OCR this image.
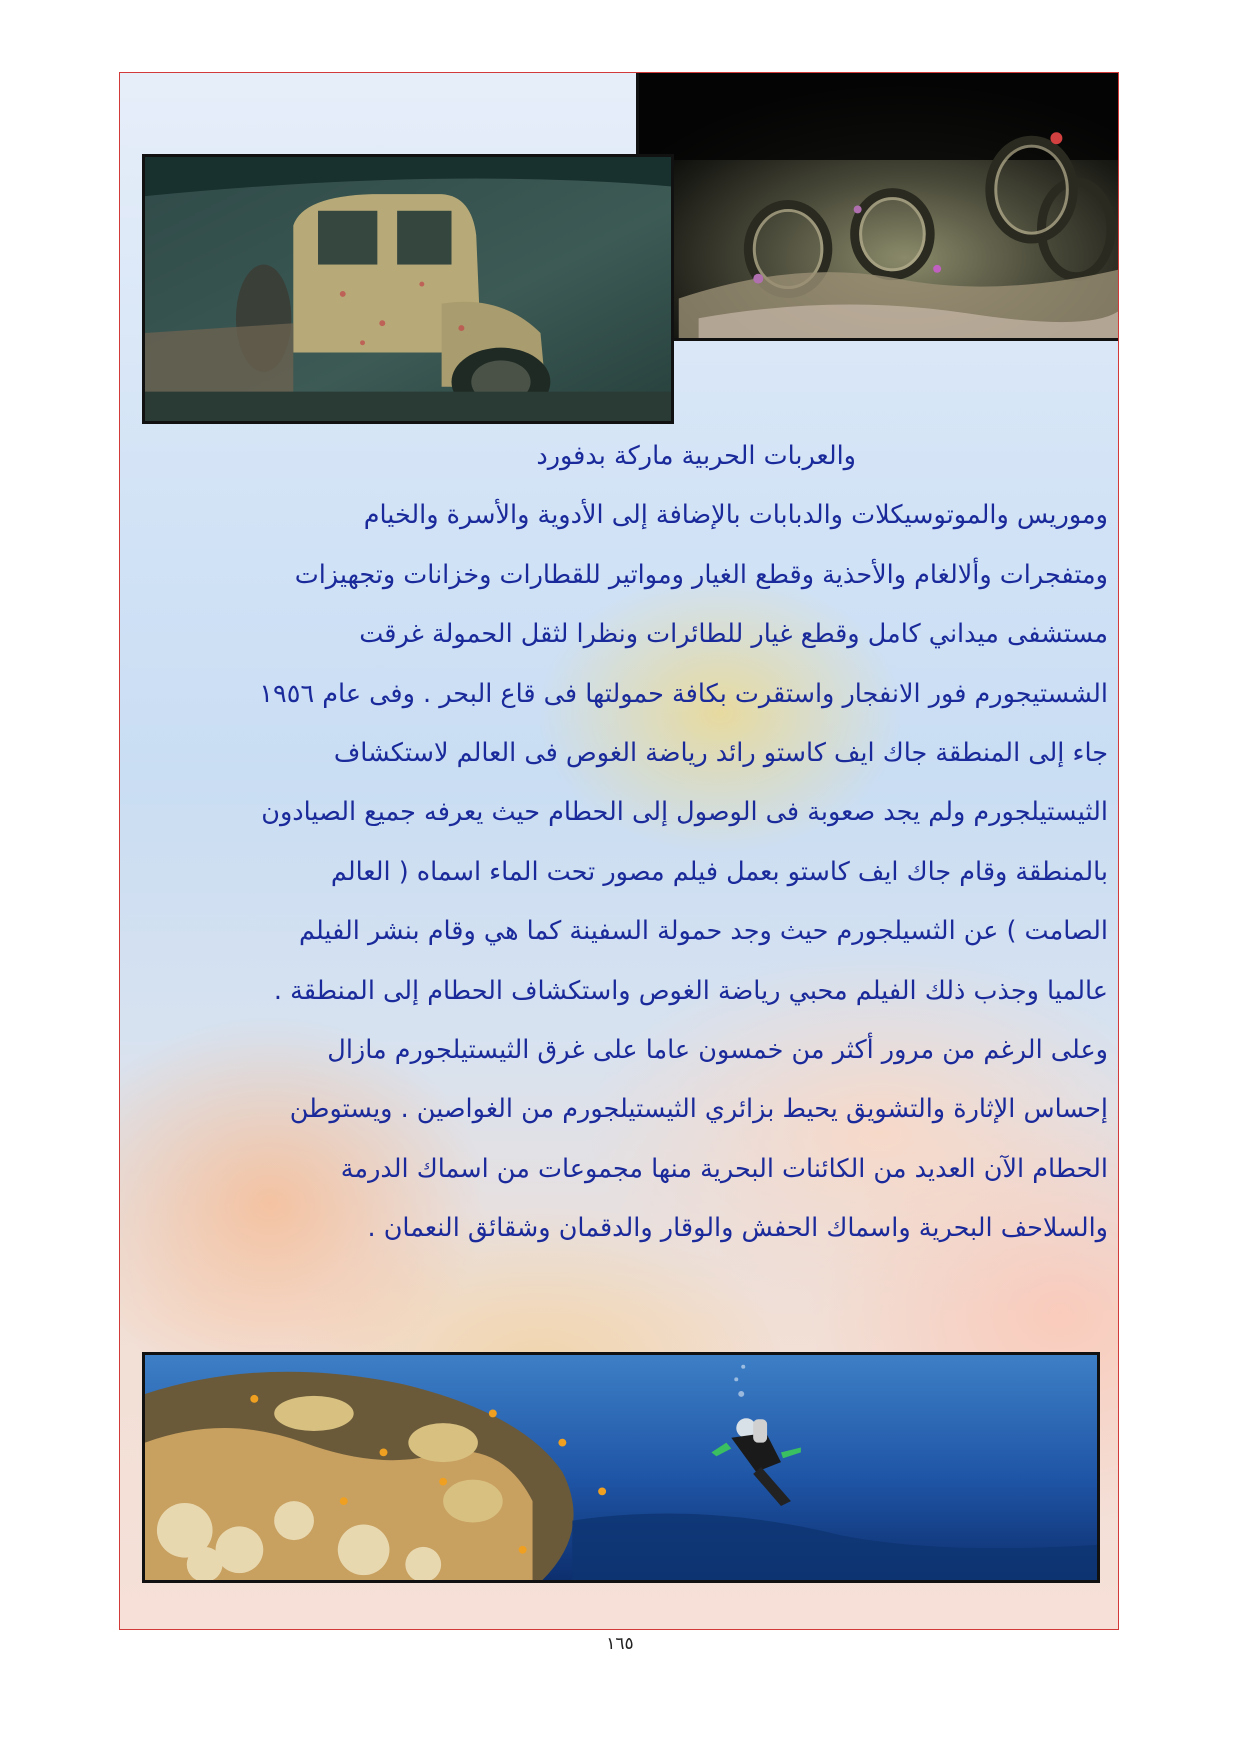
والعربات الحربية ماركة بدفورد

وموريس والموتوسيكلات والدبابات بالإضافة إلى الأدوية والأسرة والخيام

ومتفجرات وألالغام والأحذية وقطع الغيار ومواتير للقطارات وخزانات وتجهيزات

مستشفى ميداني كامل وقطع غيار للطائرات ونظرا لثقل الحمولة غرقت

الشستيجورم فور الانفجار واستقرت بكافة حمولتها فى قاع البحر . وفى عام ١٩٥٦

جاء إلى المنطقة جاك ايف كاستو رائد رياضة الغوص فى العالم لاستكشاف

الثيستيلجورم ولم يجد صعوبة فى الوصول إلى الحطام حيث يعرفه جميع الصيادون

بالمنطقة وقام جاك ايف كاستو بعمل فيلم مصور تحت الماء اسماه ( العالم

الصامت ) عن الثسيلجورم حيث وجد حمولة السفينة كما هي وقام بنشر الفيلم

عالميا وجذب ذلك الفيلم محبي رياضة الغوص واستكشاف الحطام إلى المنطقة .

وعلى الرغم من مرور أكثر من خمسون عاما على غرق الثيستيلجورم مازال

إحساس الإثارة والتشويق يحيط بزائري الثيستيلجورم من الغواصين . ويستوطن

الحطام الآن العديد من الكائنات البحرية منها مجموعات من اسماك الدرمة

والسلاحف البحرية واسماك الحفش والوقار والدقمان وشقائق النعمان .

١٦٥
